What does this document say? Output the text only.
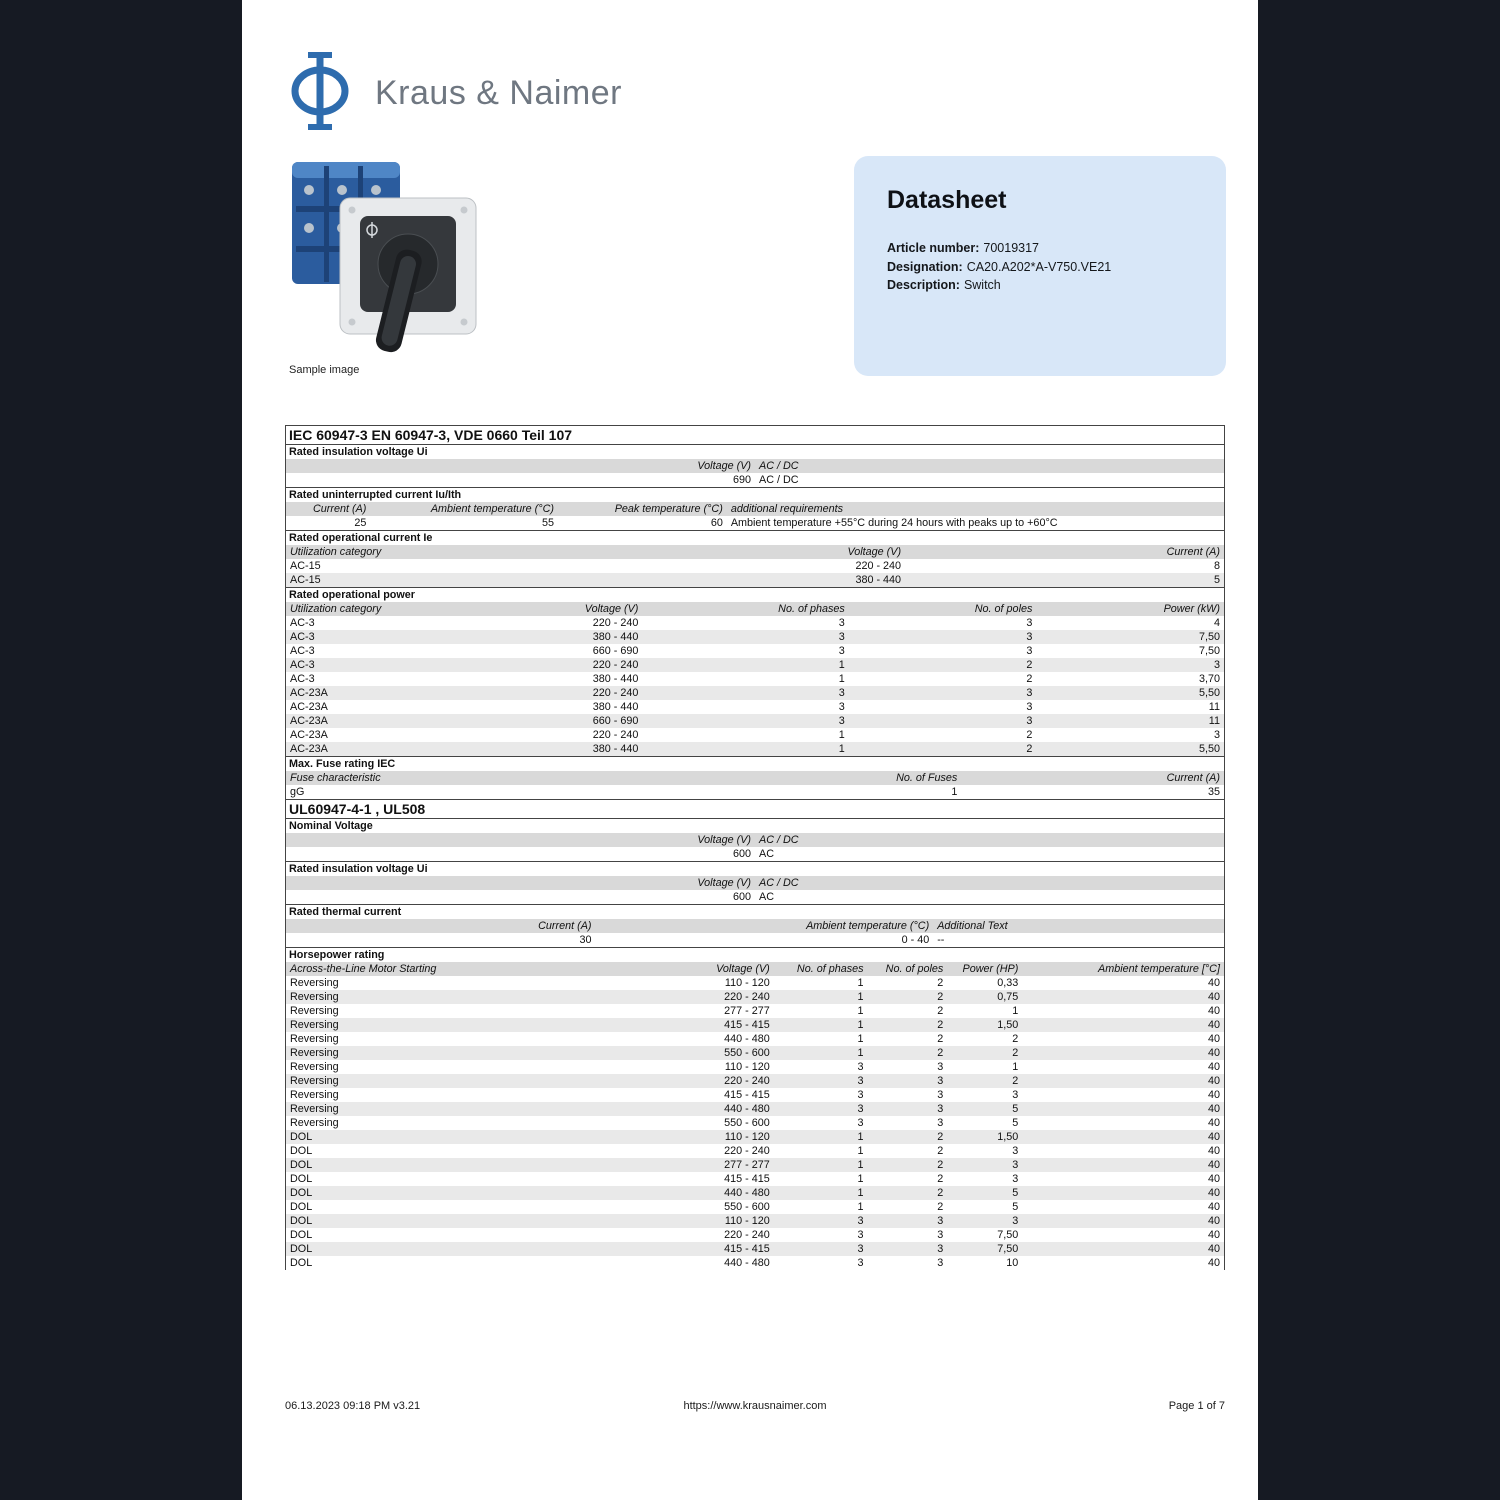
Kraus & Naimer
Sample image
Datasheet
Article number: 70019317
Designation: CA20.A202*A-V750.VE21
Description: Switch
IEC 60947-3 EN 60947-3, VDE 0660 Teil 107
Rated insulation voltage Ui
Voltage (V) AC / DC
690 AC / DC
Rated uninterrupted current Iu/Ith
Current (A)	Ambient temperature (°C)	Peak temperature (°C) additional requirements
25	55	60 Ambient temperature +55°C during 24 hours with peaks up to +60°C
Rated operational current Ie
Utilization category	Voltage (V)	Current (A)
AC-15	220 - 240	8
AC-15	380 - 440	5
Rated operational power
Utilization category	Voltage (V)	No. of phases	No. of poles	Power (kW)
AC-3	220 - 240	3	3	4
AC-3	380 - 440	3	3	7,50
AC-3	660 - 690	3	3	7,50
AC-3	220 - 240	1	2	3
AC-3	380 - 440	1	2	3,70
AC-23A	220 - 240	3	3	5,50
AC-23A	380 - 440	3	3	11
AC-23A	660 - 690	3	3	11
AC-23A	220 - 240	1	2	3
AC-23A	380 - 440	1	2	5,50
Max. Fuse rating IEC
Fuse characteristic	No. of Fuses	Current (A)
gG	1	35
UL60947-4-1 , UL508
Nominal Voltage
Voltage (V) AC / DC
600 AC
Rated insulation voltage Ui
Voltage (V) AC / DC
600 AC
Rated thermal current
Current (A)	Ambient temperature (°C) Additional Text
30	0 - 40 --
Horsepower rating
Across-the-Line Motor Starting	Voltage (V)	No. of phases	No. of poles	Power (HP)	Ambient temperature [°C]
Reversing	110 - 120	1	2	0,33	40
Reversing	220 - 240	1	2	0,75	40
Reversing	277 - 277	1	2	1	40
Reversing	415 - 415	1	2	1,50	40
Reversing	440 - 480	1	2	2	40
Reversing	550 - 600	1	2	2	40
Reversing	110 - 120	3	3	1	40
Reversing	220 - 240	3	3	2	40
Reversing	415 - 415	3	3	3	40
Reversing	440 - 480	3	3	5	40
Reversing	550 - 600	3	3	5	40
DOL	110 - 120	1	2	1,50	40
DOL	220 - 240	1	2	3	40
DOL	277 - 277	1	2	3	40
DOL	415 - 415	1	2	3	40
DOL	440 - 480	1	2	5	40
DOL	550 - 600	1	2	5	40
DOL	110 - 120	3	3	3	40
DOL	220 - 240	3	3	7,50	40
DOL	415 - 415	3	3	7,50	40
DOL	440 - 480	3	3	10	40
06.13.2023 09:18 PM v3.21	https://www.krausnaimer.com	Page 1 of 7
